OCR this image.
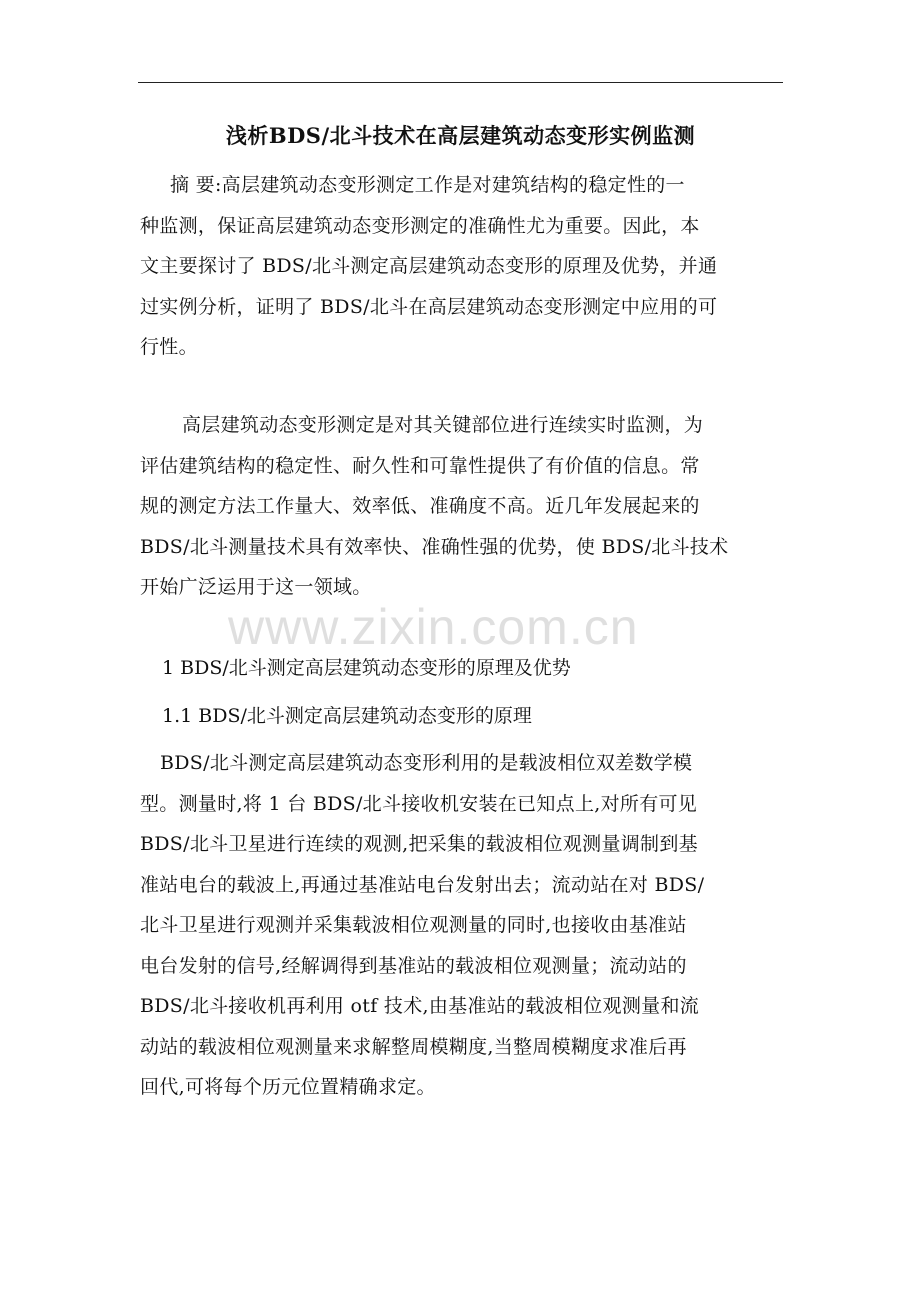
浅析BDS/北斗技术在高层建筑动态变形实例监测
摘 要:高层建筑动态变形测定工作是对建筑结构的稳定性的一
种监测，保证高层建筑动态变形测定的准确性尤为重要。因此，本
文主要探讨了 BDS/北斗测定高层建筑动态变形的原理及优势，并通
过实例分析，证明了 BDS/北斗在高层建筑动态变形测定中应用的可
行性。
高层建筑动态变形测定是对其关键部位进行连续实时监测，为
评估建筑结构的稳定性、耐久性和可靠性提供了有价值的信息。常
规的测定方法工作量大、效率低、准确度不高。近几年发展起来的
BDS/北斗测量技术具有效率快、准确性强的优势，使 BDS/北斗技术
开始广泛运用于这一领域。
1 BDS/北斗测定高层建筑动态变形的原理及优势
1.1 BDS/北斗测定高层建筑动态变形的原理
BDS/北斗测定高层建筑动态变形利用的是载波相位双差数学模
型。测量时,将 1 台 BDS/北斗接收机安装在已知点上,对所有可见
BDS/北斗卫星进行连续的观测,把采集的载波相位观测量调制到基
准站电台的载波上,再通过基准站电台发射出去；流动站在对 BDS/
北斗卫星进行观测并采集载波相位观测量的同时,也接收由基准站
电台发射的信号,经解调得到基准站的载波相位观测量；流动站的
BDS/北斗接收机再利用 otf 技术,由基准站的载波相位观测量和流
动站的载波相位观测量来求解整周模糊度,当整周模糊度求准后再
回代,可将每个历元位置精确求定。
www.zixin.com.cn
